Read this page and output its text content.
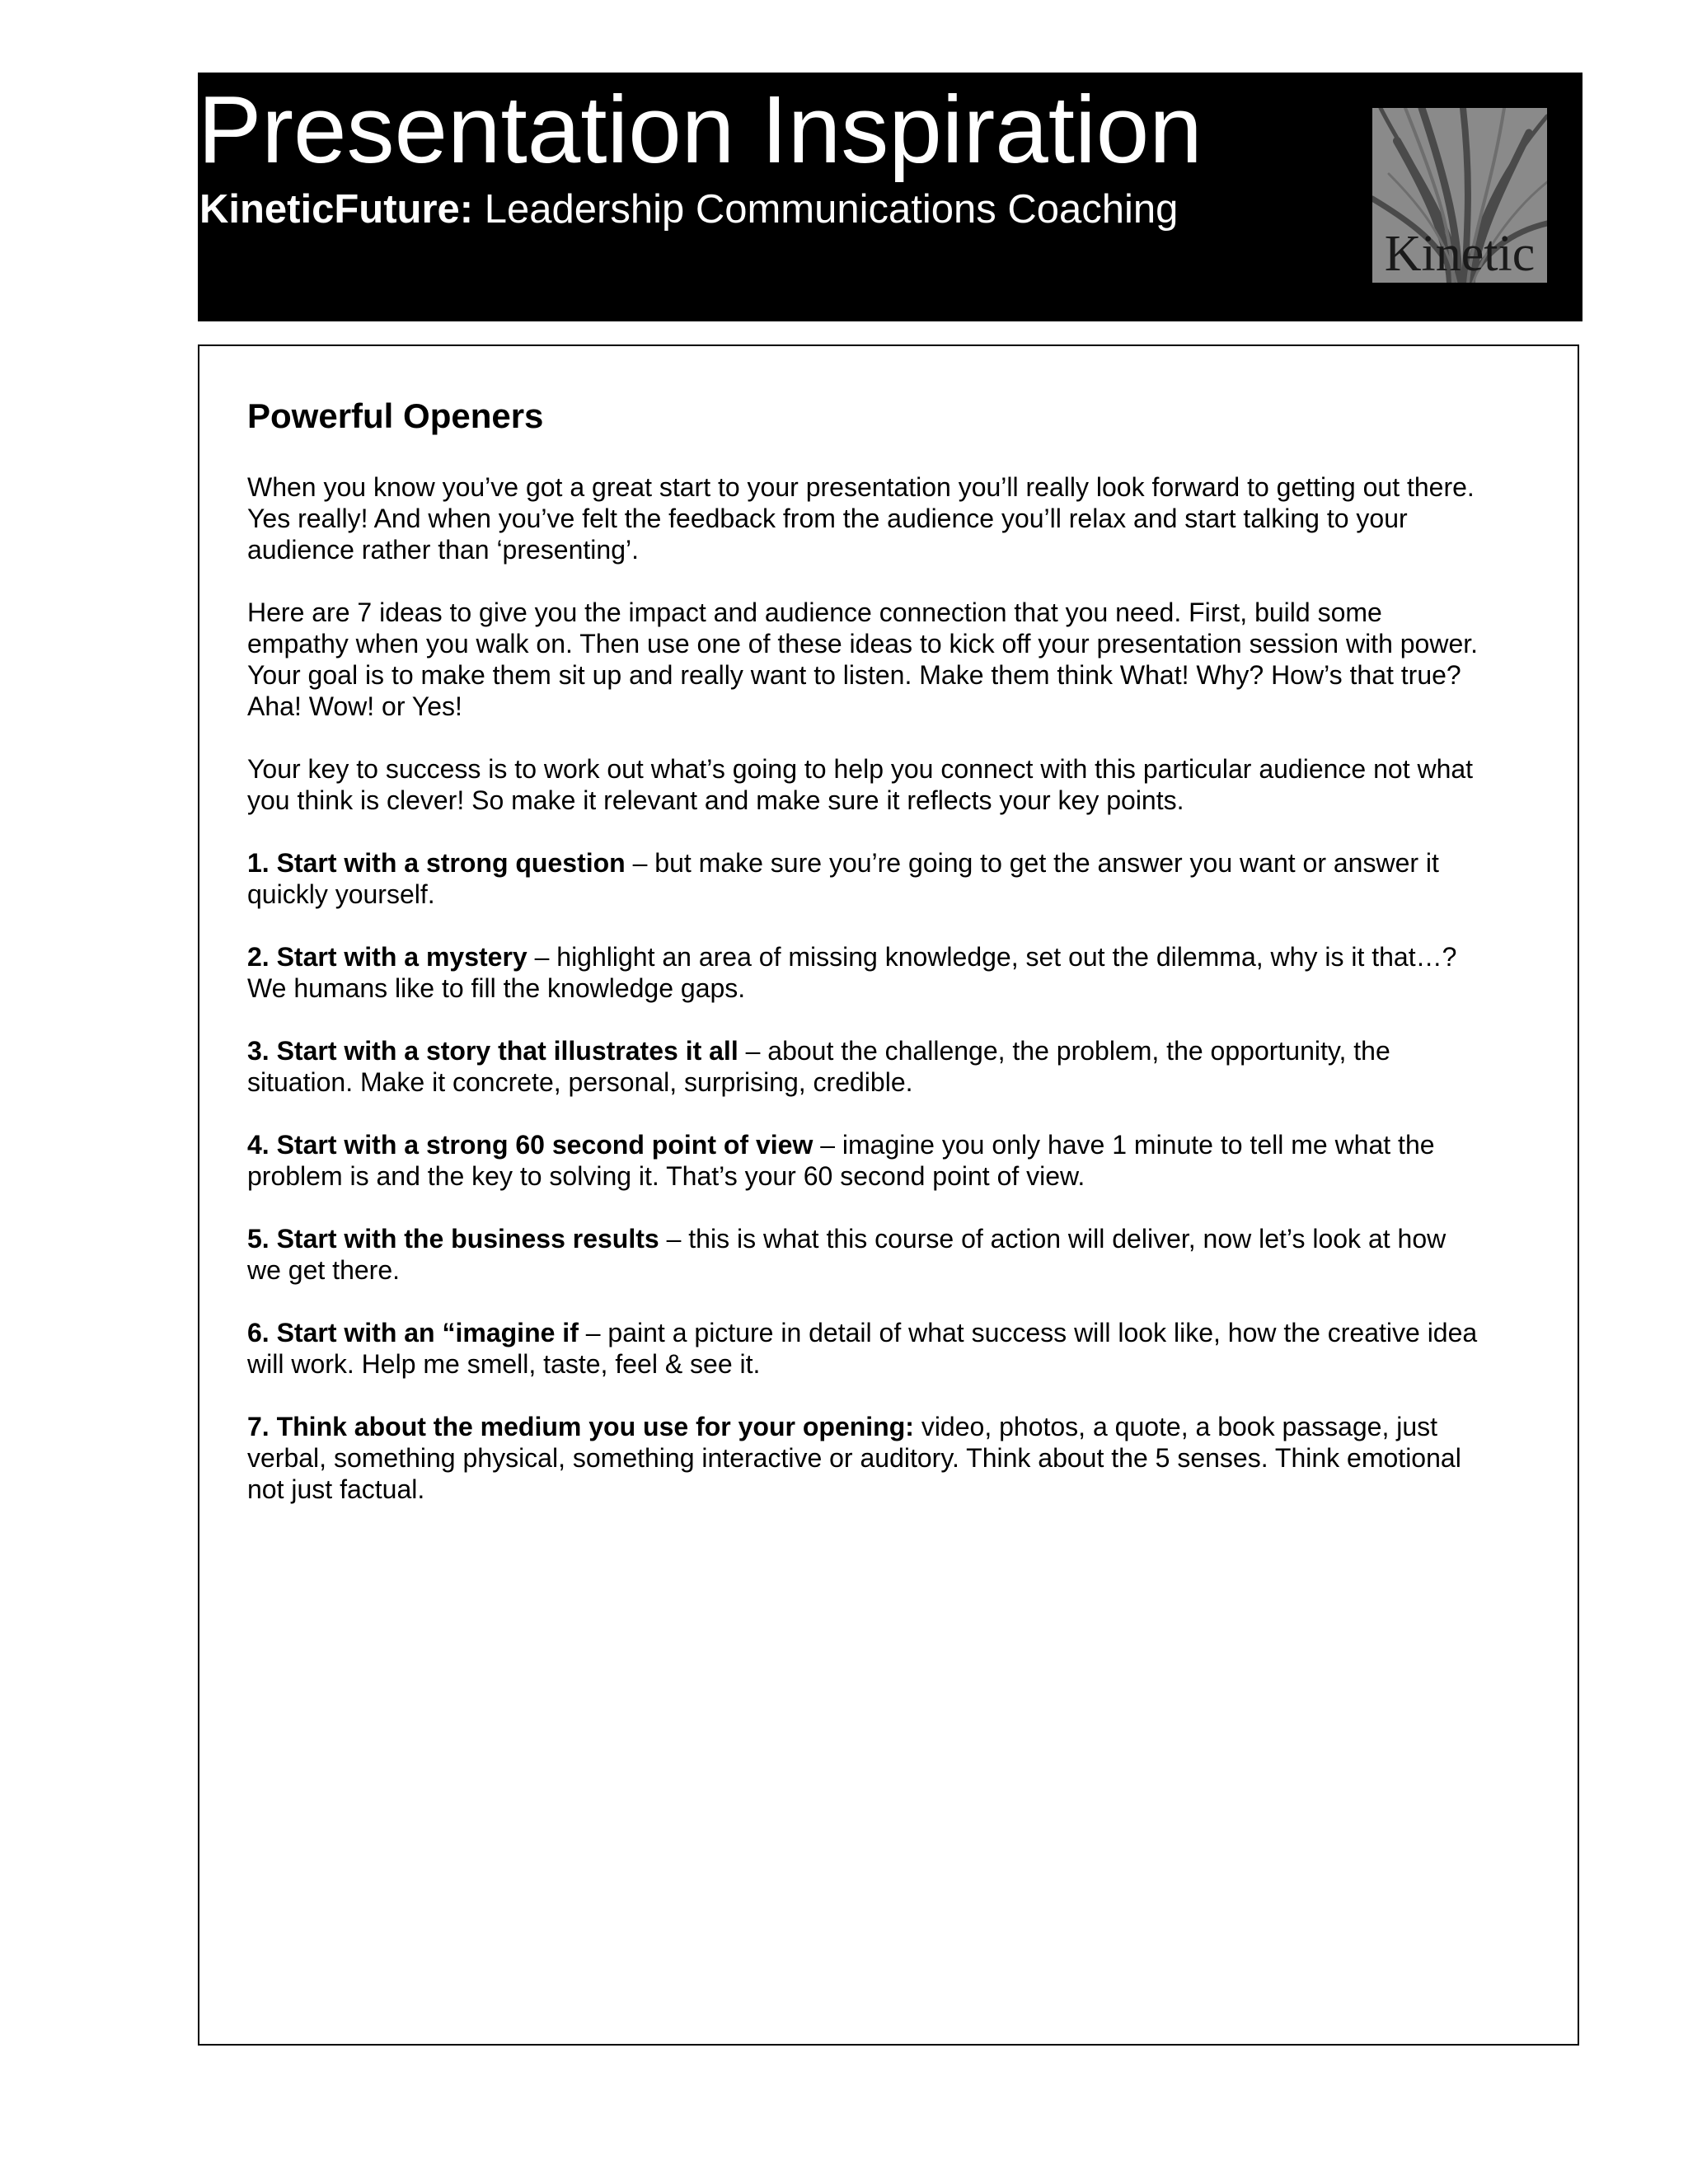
Presentation Inspiration
KineticFuture: Leadership Communications Coaching
Kinetic
Powerful Openers

When you know you’ve got a great start to your presentation you’ll really look forward to getting out there. Yes really! And when you’ve felt the feedback from the audience you’ll relax and start talking to your audience rather than ‘presenting’.

Here are 7 ideas to give you the impact and audience connection that you need. First, build some empathy when you walk on. Then use one of these ideas to kick off your presentation session with power. Your goal is to make them sit up and really want to listen. Make them think What! Why? How’s that true? Aha! Wow! or Yes!

Your key to success is to work out what’s going to help you connect with this particular audience not what you think is clever! So make it relevant and make sure it reflects your key points.

1. Start with a strong question – but make sure you’re going to get the answer you want or answer it quickly yourself.

2. Start with a mystery – highlight an area of missing knowledge, set out the dilemma, why is it that…? We humans like to fill the knowledge gaps.

3. Start with a story that illustrates it all – about the challenge, the problem, the opportunity, the situation. Make it concrete, personal, surprising, credible.

4. Start with a strong 60 second point of view – imagine you only have 1 minute to tell me what the problem is and the key to solving it. That’s your 60 second point of view.

5. Start with the business results – this is what this course of action will deliver, now let’s look at how we get there.

6. Start with an “imagine if – paint a picture in detail of what success will look like, how the creative idea will work. Help me smell, taste, feel & see it.

7. Think about the medium you use for your opening: video, photos, a quote, a book passage, just verbal, something physical, something interactive or auditory. Think about the 5 senses. Think emotional not just factual.
